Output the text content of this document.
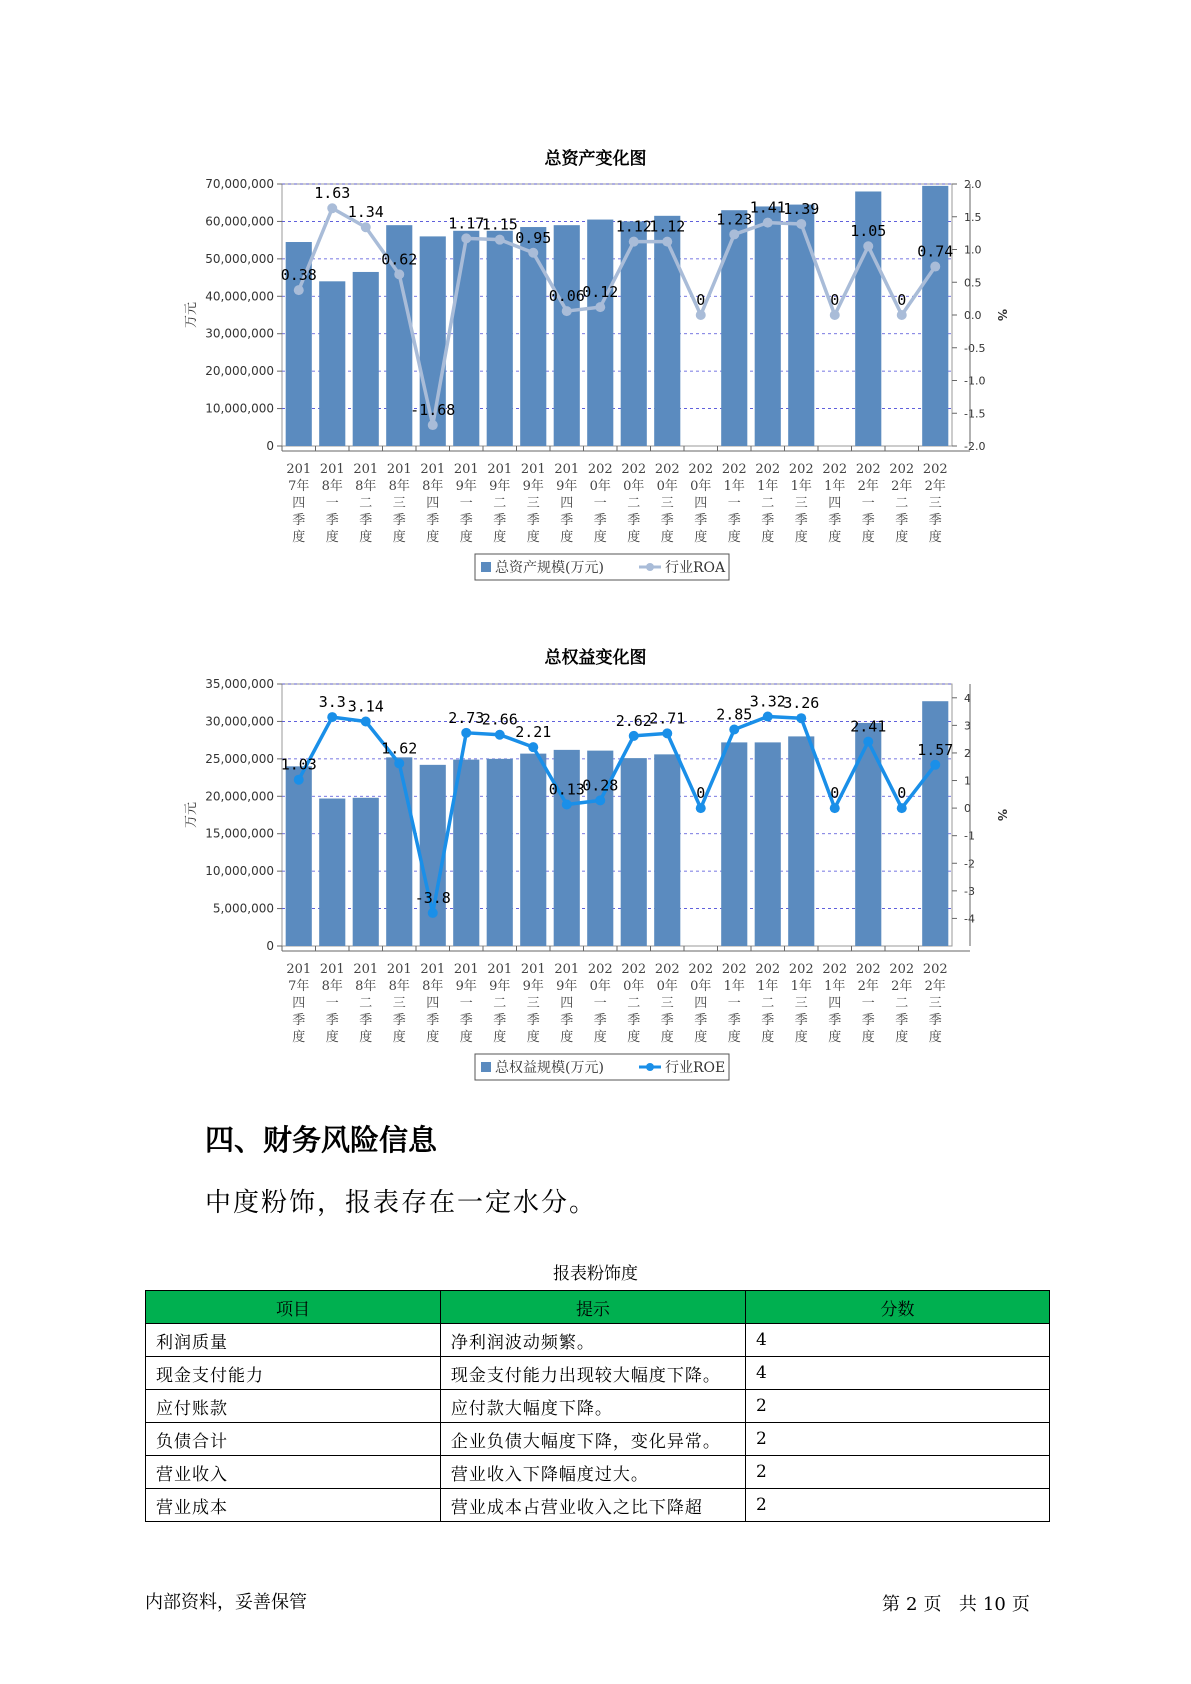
总资产变化图
0
10,000,000
20,000,000
30,000,000
40,000,000
50,000,000
60,000,000
70,000,000	2.0
1.5
1.0
0.5
0.0
-0.5
-1.0
-1.5
-2.0
万元	%
201
7年
四
季
度
201
8年
一
季
度
201
8年
二
季
度
201
8年
三
季
度
201
8年
四
季
度
201
9年
一
季
度
201
9年
二
季
度
201
9年
三
季
度
201
9年
四
季
度
202
0年
一
季
度
202
0年
二
季
度
202
0年
三
季
度
202
0年
四
季
度
202
1年
一
季
度
202
1年
二
季
度
202
1年
三
季
度
202
1年
四
季
度
202
2年
一
季
度
202
2年
二
季
度
202
2年
三
季
度
0.38
1.63
1.34
0.62
-1.68
1.17
1.15
0.95
0.06
0.12
1.12
1.12
0
1.23
1.41
1.39
0
1.05
0
0.74
总资产规模(万元)	行业ROA
总权益变化图
0
5,000,000
10,000,000
15,000,000
20,000,000
25,000,000
30,000,000
35,000,000
4
3
2
1
0
-1
-2
-3
-4
万元	%
201
7年
四
季
度
201
8年
一
季
度
201
8年
二
季
度
201
8年
三
季
度
201
8年
四
季
度
201
9年
一
季
度
201
9年
二
季
度
201
9年
三
季
度
201
9年
四
季
度
202
0年
一
季
度
202
0年
二
季
度
202
0年
三
季
度
202
0年
四
季
度
202
1年
一
季
度
202
1年
二
季
度
202
1年
三
季
度
202
1年
四
季
度
202
2年
一
季
度
202
2年
二
季
度
202
2年
三
季
度
1.03
3.3 3.14
1.62
-3.8
2.73
2.66
2.21
0.13
0.28
2.62
2.71
0
2.85
3.32
3.26
0
2.41
0
1.57
总权益规模(万元)	行业ROE
四、财务风险信息
中度粉饰，报表存在一定水分。
报表粉饰度
项目	提示	分数
利润质量	净利润波动频繁。	4
现金支付能力	现金支付能力出现较大幅度下降。	4
应付账款	应付款大幅度下降。	2
负债合计	企业负债大幅度下降，变化异常。	2
营业收入	营业收入下降幅度过大。	2
营业成本	营业成本占营业收入之比下降超	2
内部资料，妥善保管	第 2 页 共 10 页
